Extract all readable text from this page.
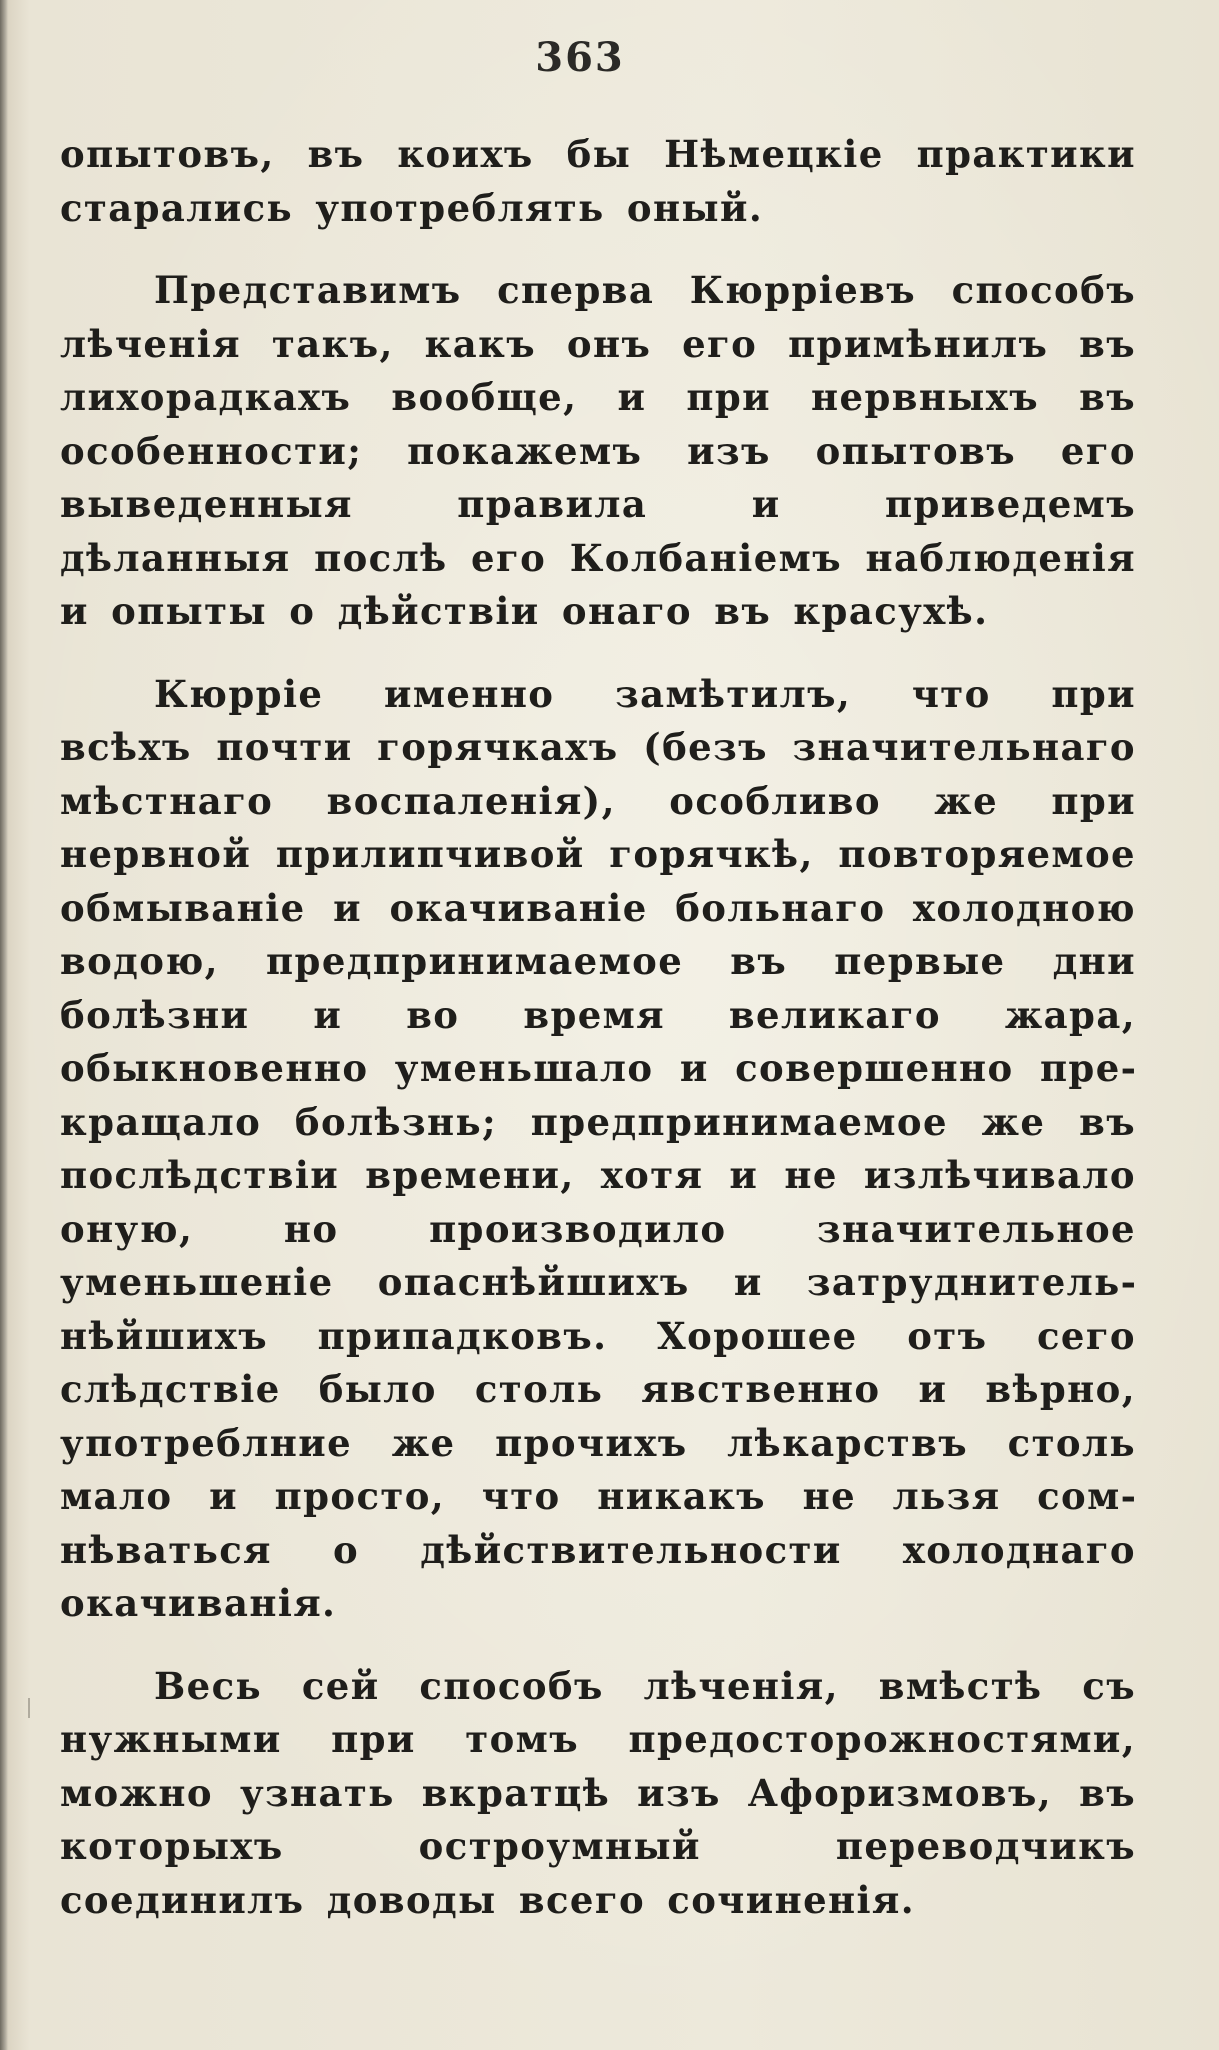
363

опытовъ, въ коихъ бы Нѣмецкіе практики старались употреблять оный.

Представимъ сперва Кюрріевъ способъ лѣченія такъ, какъ онъ его примѣнилъ въ лихорадкахъ вообще, и при нервныхъ въ особенности; покажемъ изъ опытовъ его выведенныя правила и приведемъ дѣланныя послѣ его Колбаніемъ наблюденія и опыты о дѣйствіи онаго въ красухѣ.

Кюрріе именно замѣтилъ, что при всѣхъ почти горячкахъ (безъ значительнаго мѣстнаго воспаленія), особливо же при нервной прилипчивой горячкѣ, повторяемое обмываніе и окачиваніе больнаго холодною водою, предпринимаемое въ первые дни болѣзни и во время великаго жара, обыкновенно уменьшало и совершенно прекращало болѣзнь; предпринимаемое же въ послѣдствіи времени, хотя и не излѣчивало оную, но производило значительное уменьшеніе опаснѣйшихъ и затруднительнѣйшихъ припадковъ. Хорошее отъ сего слѣдствіе было столь явственно и вѣрно, употреблние же прочихъ лѣкарствъ столь мало и просто, что никакъ не льзя сомнѣваться о дѣйствительности холоднаго окачиванія.

Весь сей способъ лѣченія, вмѣстѣ съ нужными при томъ предосторожностями, можно узнать вкратцѣ изъ Афоризмовъ, въ которыхъ остроумный переводчикъ соединилъ доводы всего сочиненія.
